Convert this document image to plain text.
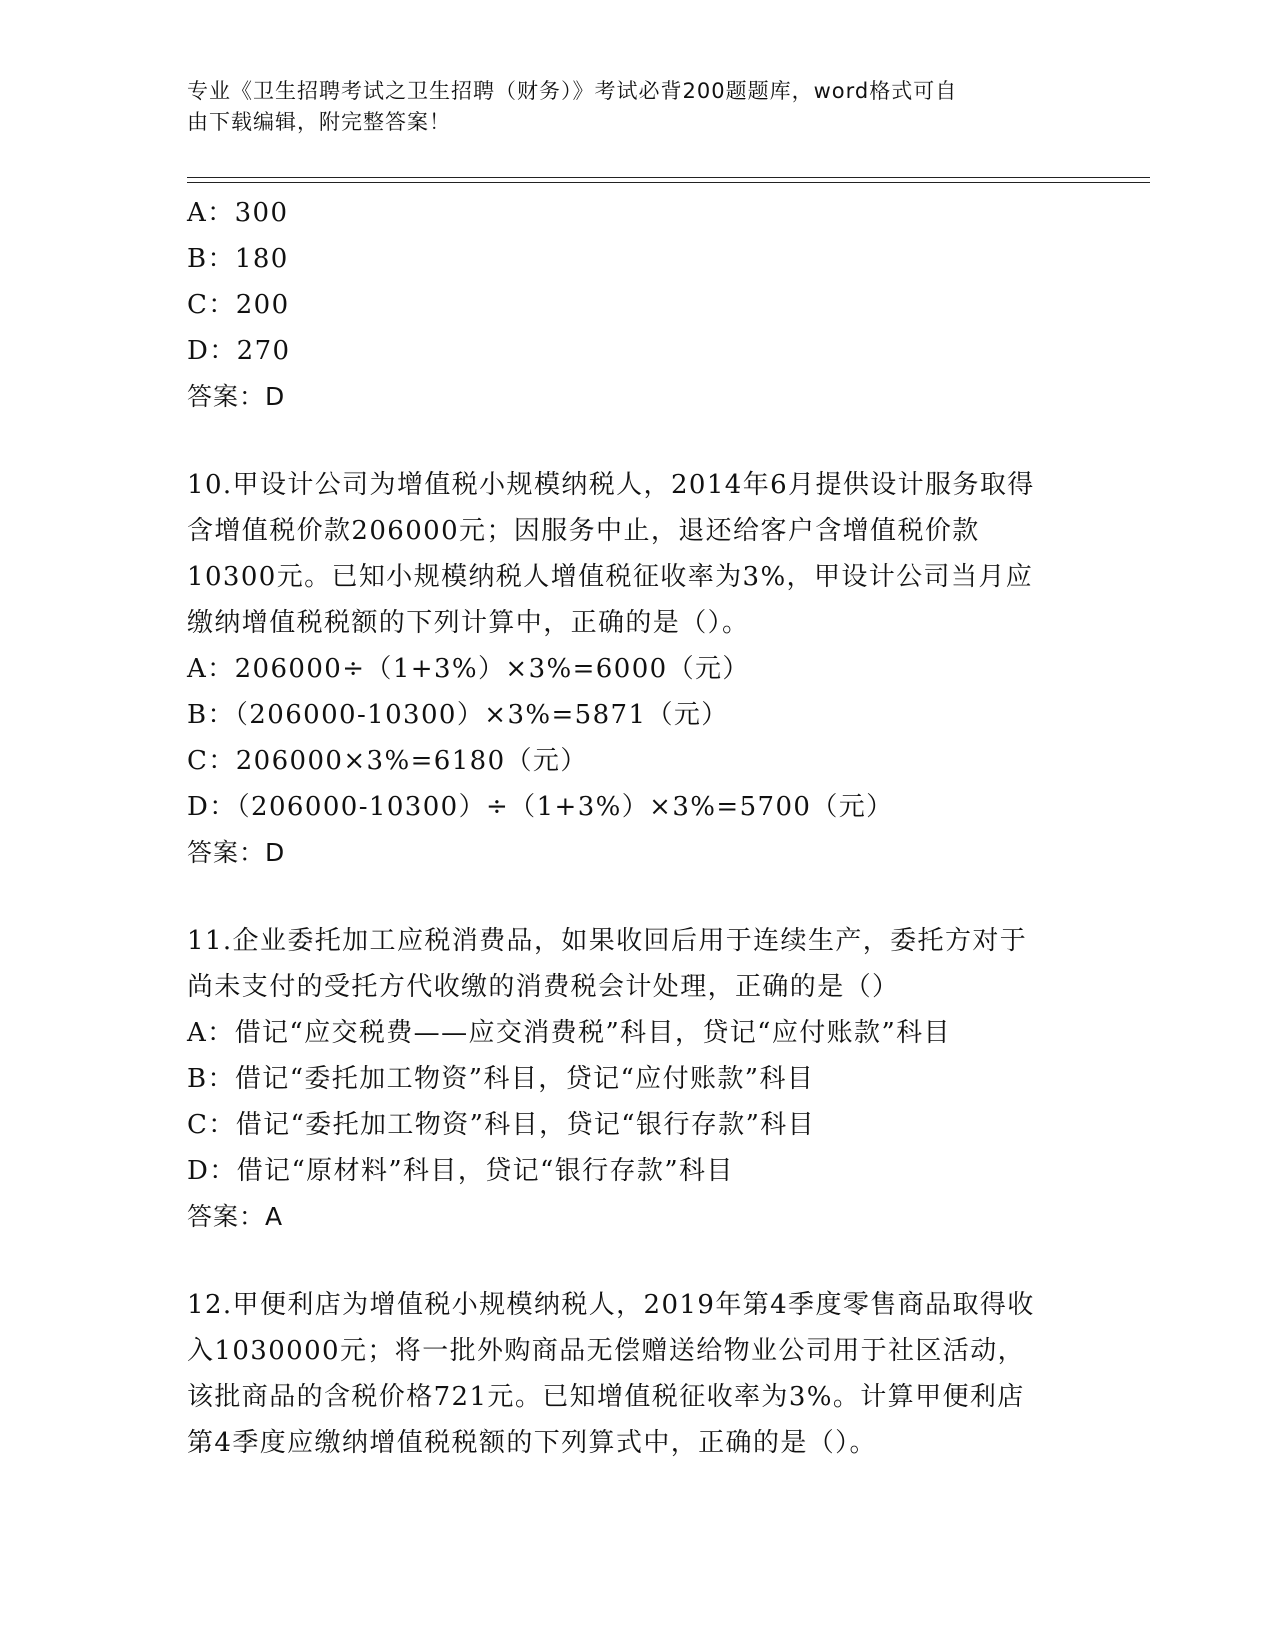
专业《卫生招聘考试之卫生招聘（财务）》考试必背200题题库，word格式可自
由下载编辑，附完整答案！
A：300
B：180
C：200
D：270
答案：D
10.甲设计公司为增值税小规模纳税人，2014年6月提供设计服务取得
含增值税价款206000元；因服务中止，退还给客户含增值税价款
10300元。已知小规模纳税人增值税征收率为3%，甲设计公司当月应
缴纳增值税税额的下列计算中，正确的是（）。
A：206000÷（1+3%）×3%=6000（元）
B：（206000-10300）×3%=5871（元）
C：206000×3%=6180（元）
D：（206000-10300）÷（1+3%）×3%=5700（元）
答案：D
11.企业委托加工应税消费品，如果收回后用于连续生产，委托方对于
尚未支付的受托方代收缴的消费税会计处理，正确的是（）
A：借记“应交税费——应交消费税”科目，贷记“应付账款”科目
B：借记“委托加工物资”科目，贷记“应付账款”科目
C：借记“委托加工物资”科目，贷记“银行存款”科目
D：借记“原材料”科目，贷记“银行存款”科目
答案：A
12.甲便利店为增值税小规模纳税人，2019年第4季度零售商品取得收
入1030000元；将一批外购商品无偿赠送给物业公司用于社区活动，
该批商品的含税价格721元。已知增值税征收率为3%。计算甲便利店
第4季度应缴纳增值税税额的下列算式中，正确的是（）。
